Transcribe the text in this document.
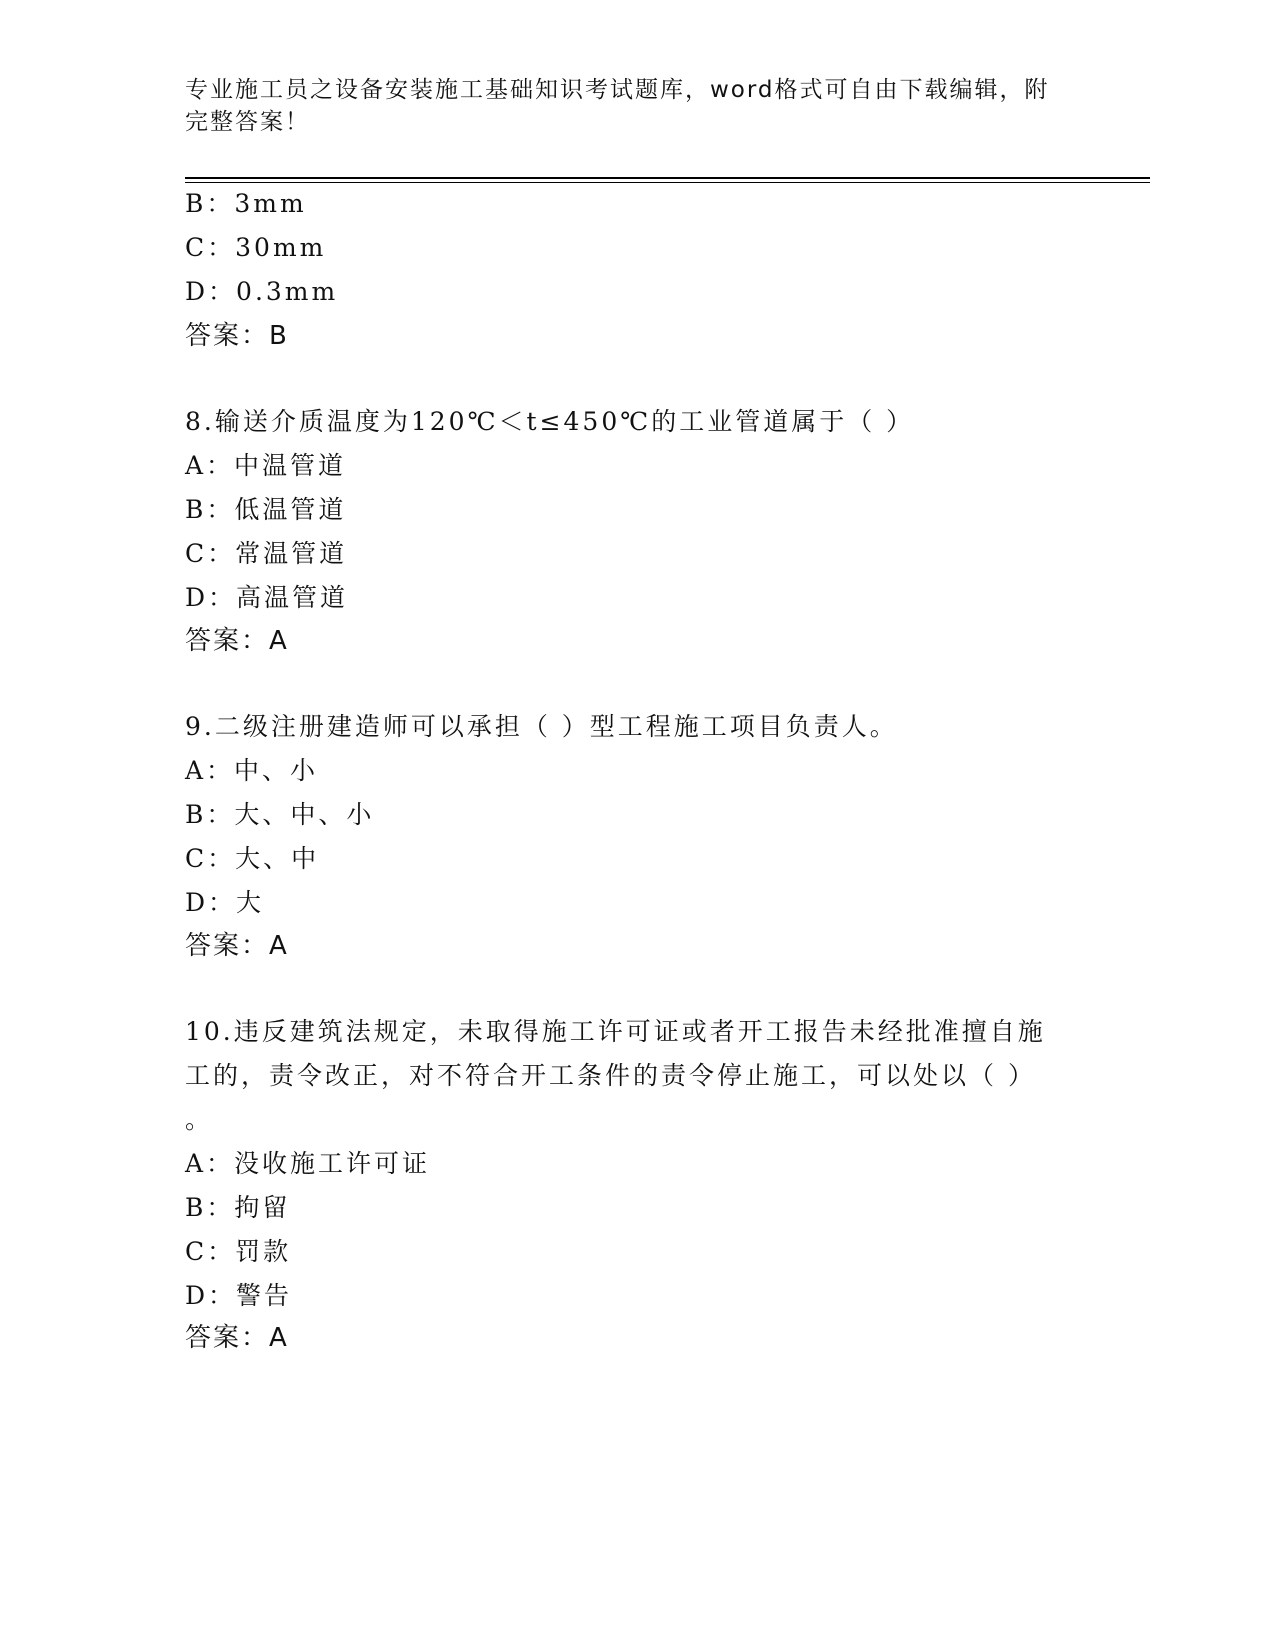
专业施工员之设备安装施工基础知识考试题库，word格式可自由下载编辑，附完整答案！
B：3mm
C：30mm
D：0.3mm
答案：B
8.输送介质温度为120℃＜t≤450℃的工业管道属于（ ）
A：中温管道
B：低温管道
C：常温管道
D：高温管道
答案：A
9.二级注册建造师可以承担（ ）型工程施工项目负责人。
A：中、小
B：大、中、小
C：大、中
D：大
答案：A
10.违反建筑法规定，未取得施工许可证或者开工报告未经批准擅自施
工的，责令改正，对不符合开工条件的责令停止施工，可以处以（ ）
。
A：没收施工许可证
B：拘留
C：罚款
D：警告
答案：A
